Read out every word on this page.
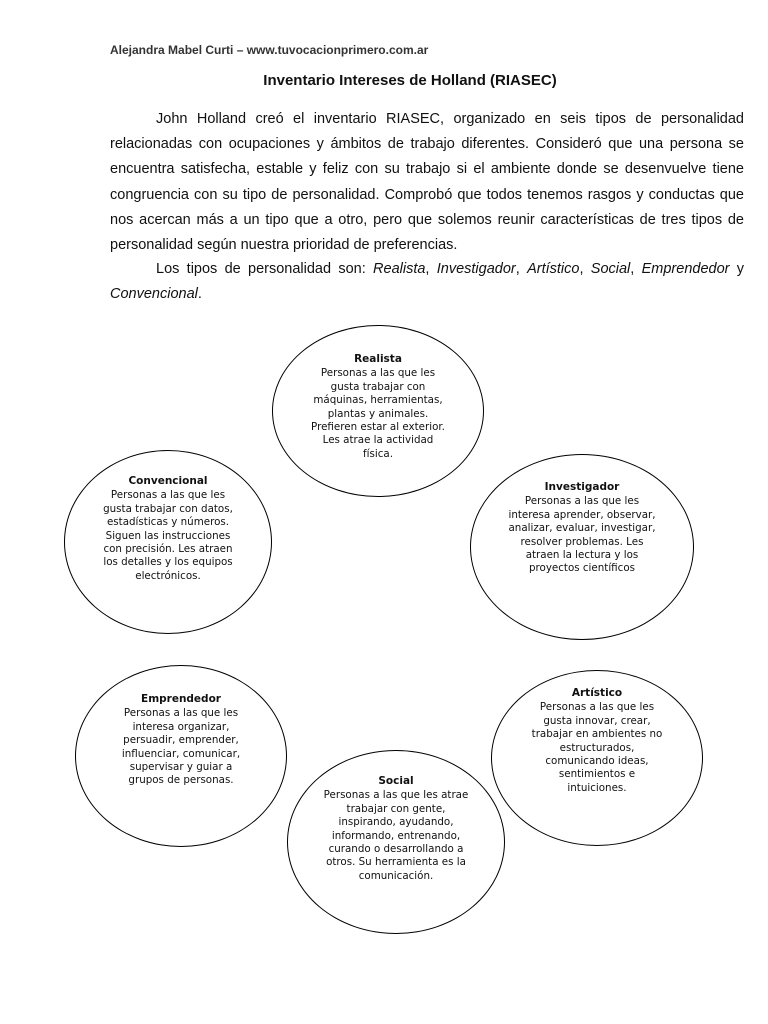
Alejandra Mabel Curti – www.tuvocacionprimero.com.ar
Inventario Intereses de Holland (RIASEC)
John Holland creó el inventario RIASEC, organizado en seis tipos de personalidad relacionadas con ocupaciones y ámbitos de trabajo diferentes. Consideró que una persona se encuentra satisfecha, estable y feliz con su trabajo si el ambiente donde se desenvuelve tiene congruencia con su tipo de personalidad. Comprobó que todos tenemos rasgos y conductas que nos acercan más a un tipo que a otro, pero que solemos reunir características de tres tipos de personalidad según nuestra prioridad de preferencias.
Los tipos de personalidad son: Realista, Investigador, Artístico, Social, Emprendedor y Convencional.
Realista
Personas a las que les gusta trabajar con máquinas, herramientas, plantas y animales. Prefieren estar al exterior. Les atrae la actividad física.
Convencional
Personas a las que les gusta trabajar con datos, estadísticas y números. Siguen las instrucciones con precisión. Les atraen los detalles y los equipos electrónicos.
Investigador
Personas a las que les interesa aprender, observar, analizar, evaluar, investigar, resolver problemas. Les atraen la lectura y los proyectos científicos
Emprendedor
Personas a las que les interesa organizar, persuadir, emprender, influenciar, comunicar, supervisar y guiar a grupos de personas.
Artístico
Personas a las que les gusta innovar, crear, trabajar en ambientes no estructurados, comunicando ideas, sentimientos e intuiciones.
Social
Personas a las que les atrae trabajar con gente, inspirando, ayudando, informando, entrenando, curando o desarrollando a otros. Su herramienta es la comunicación.
